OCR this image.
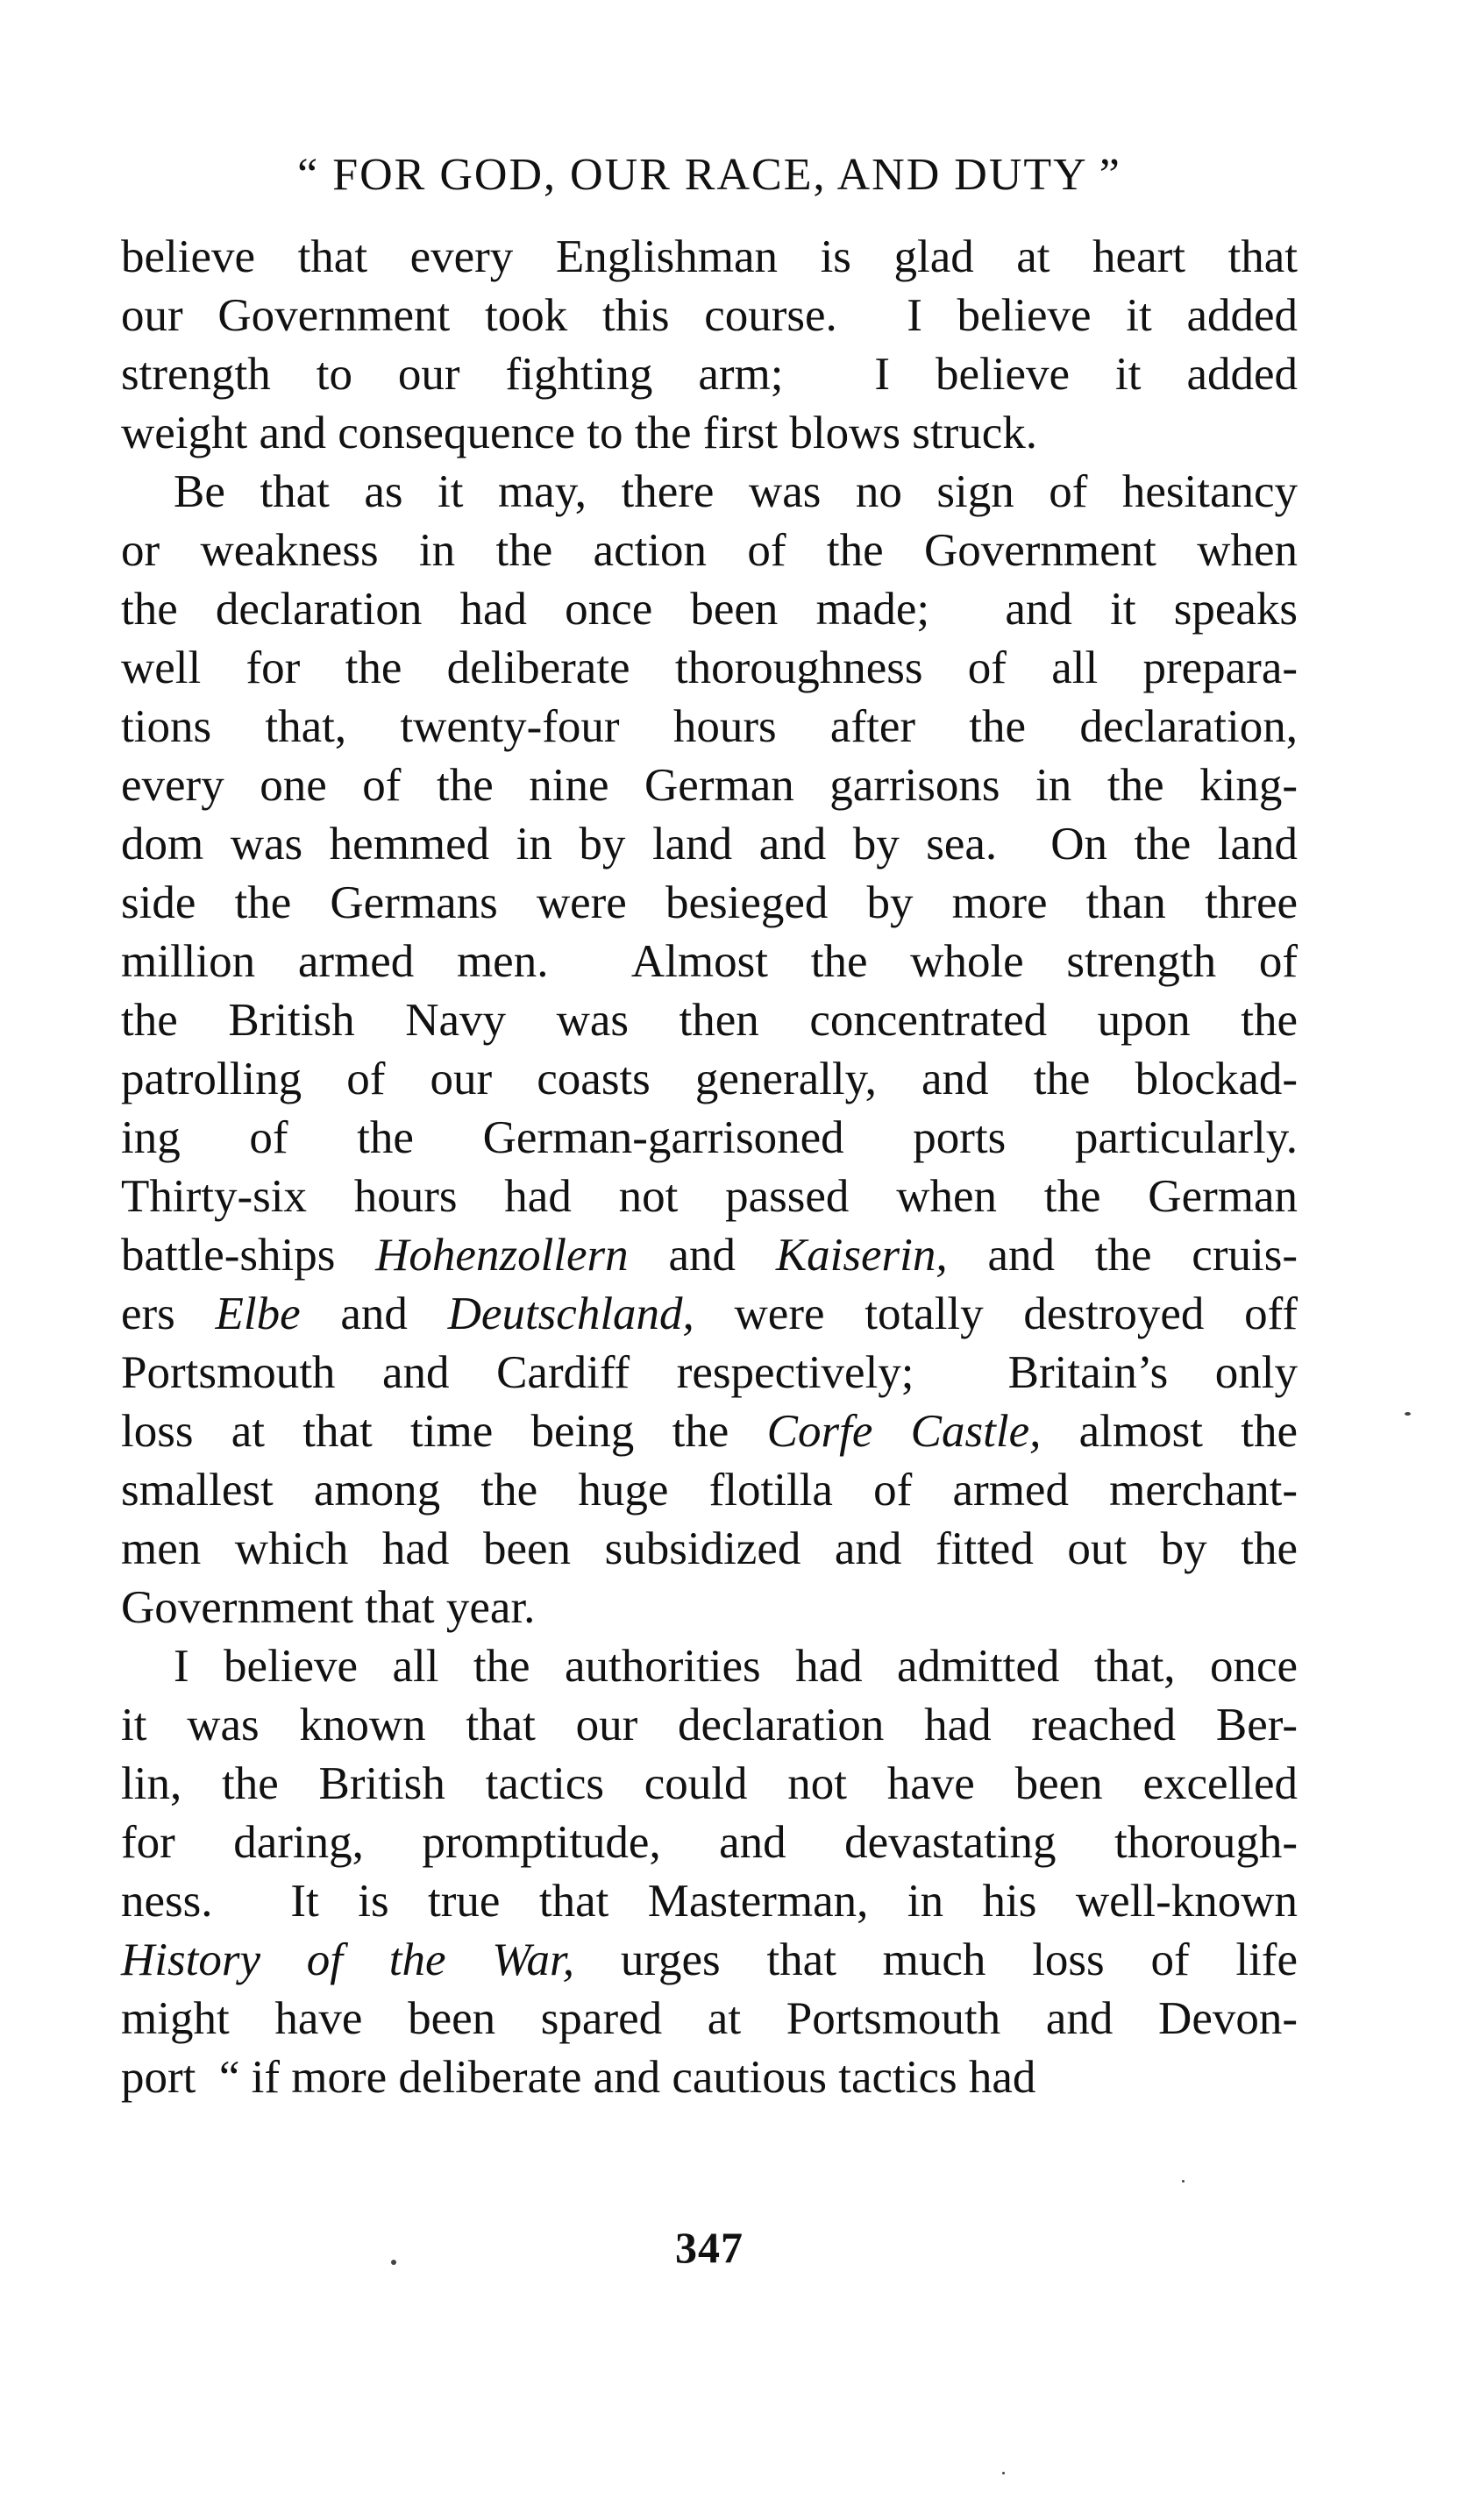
“ FOR GOD, OUR RACE, AND DUTY ”

believe that every Englishman is glad at heart that
our Government took this course.  I believe it added
strength to our fighting arm;  I believe it added
weight and consequence to the first blows struck.

Be that as it may, there was no sign of hesitancy
or weakness in the action of the Government when
the declaration had once been made;  and it speaks
well for the deliberate thoroughness of all prepara-
tions that, twenty-four hours after the declaration,
every one of the nine German garrisons in the king-
dom was hemmed in by land and by sea.  On the land
side the Germans were besieged by more than three
million armed men.  Almost the whole strength of
the British Navy was then concentrated upon the
patrolling of our coasts generally, and the blockad-
ing of the German-garrisoned ports particularly.
Thirty-six hours had not passed when the German
battle-ships Hohenzollern and Kaiserin, and the cruis-
ers Elbe and Deutschland, were totally destroyed off
Portsmouth and Cardiff respectively;  Britain’s only
loss at that time being the Corfe Castle, almost the
smallest among the huge flotilla of armed merchant-
men which had been subsidized and fitted out by the
Government that year.

I believe all the authorities had admitted that, once
it was known that our declaration had reached Ber-
lin, the British tactics could not have been excelled
for daring, promptitude, and devastating thorough-
ness.  It is true that Masterman, in his well-known
History of the War, urges that much loss of life
might have been spared at Portsmouth and Devon-
port  “ if more deliberate and cautious tactics had

347
